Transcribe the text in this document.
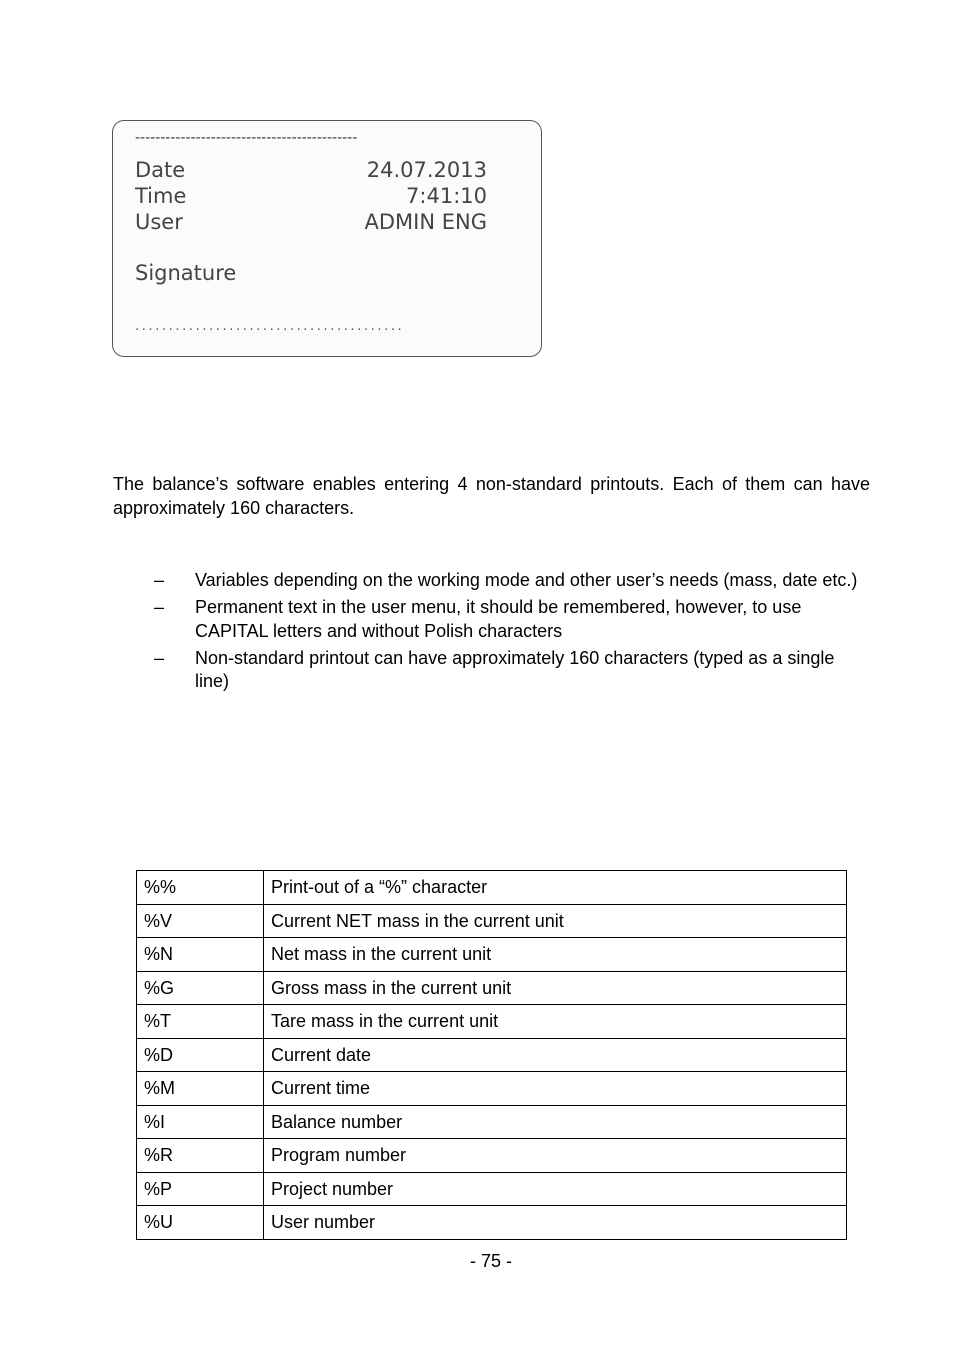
--------------------------------------------
Date	24.07.2013
Time	7:41:10
User	ADMIN ENG
Signature
........................................

The balance’s software enables entering 4 non-standard printouts. Each of them can have approximately 160 characters.

– Variables depending on the working mode and other user’s needs (mass, date etc.)
– Permanent text in the user menu, it should be remembered, however, to use CAPITAL letters and without Polish characters
– Non-standard printout can have approximately 160 characters (typed as a single line)
%%	Print-out of a “%” character
%V	Current NET mass in the current unit
%N	Net mass in the current unit
%G	Gross mass in the current unit
%T	Tare mass in the current unit
%D	Current date
%M	Current time
%I	Balance number
%R	Program number
%P	Project number
%U	User number
- 75 -
